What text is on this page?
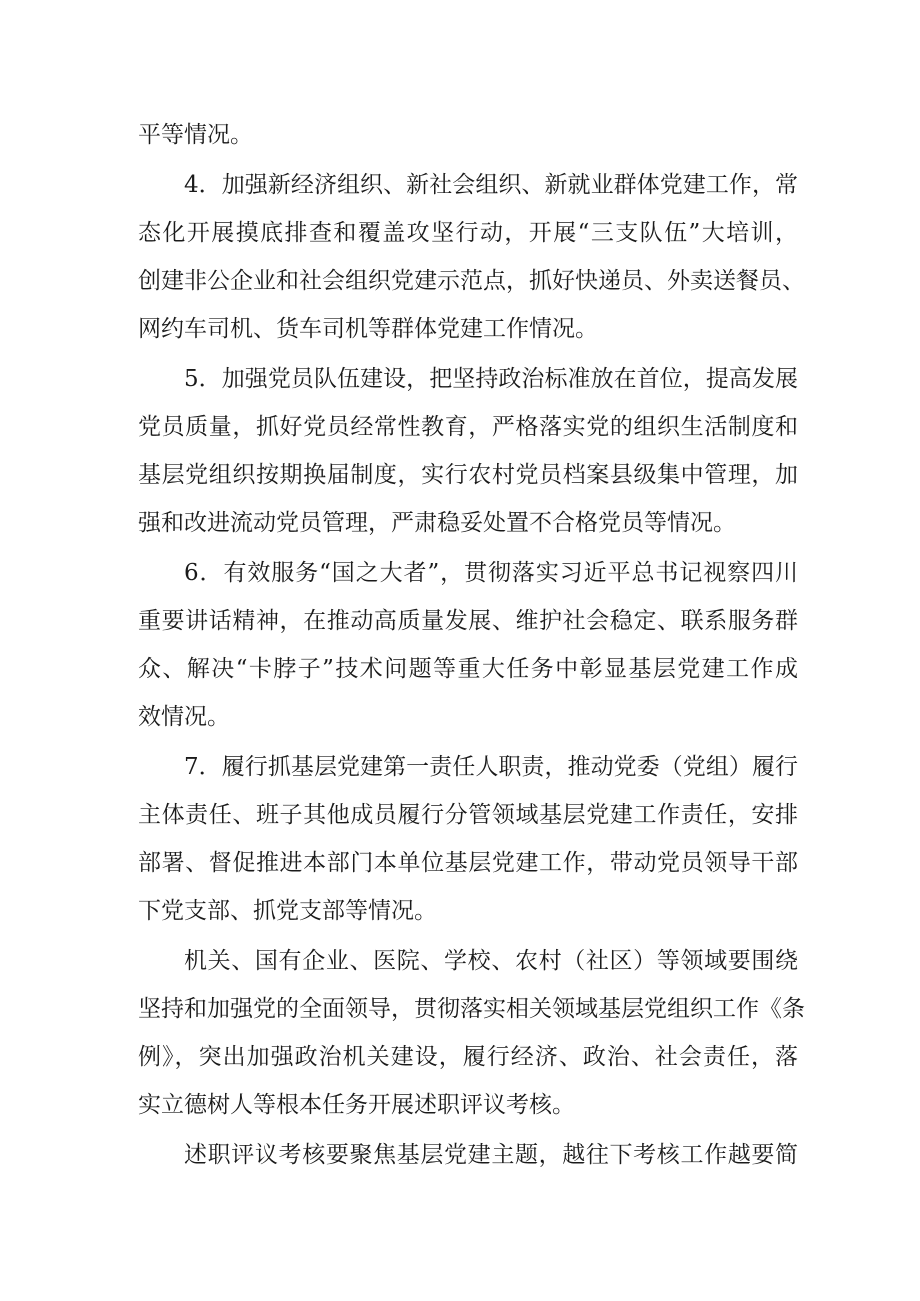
平等情况。
4．加强新经济组织、新社会组织、新就业群体党建工作，常
态化开展摸底排查和覆盖攻坚行动，开展“三支队伍”大培训，
创建非公企业和社会组织党建示范点，抓好快递员、外卖送餐员、
网约车司机、货车司机等群体党建工作情况。
5．加强党员队伍建设，把坚持政治标准放在首位，提高发展
党员质量，抓好党员经常性教育，严格落实党的组织生活制度和
基层党组织按期换届制度，实行农村党员档案县级集中管理，加
强和改进流动党员管理，严肃稳妥处置不合格党员等情况。
6．有效服务“国之大者”，贯彻落实习近平总书记视察四川
重要讲话精神，在推动高质量发展、维护社会稳定、联系服务群
众、解决“卡脖子”技术问题等重大任务中彰显基层党建工作成
效情况。
7．履行抓基层党建第一责任人职责，推动党委（党组）履行
主体责任、班子其他成员履行分管领域基层党建工作责任，安排
部署、督促推进本部门本单位基层党建工作，带动党员领导干部
下党支部、抓党支部等情况。
机关、国有企业、医院、学校、农村（社区）等领域要围绕
坚持和加强党的全面领导，贯彻落实相关领域基层党组织工作《条
例》，突出加强政治机关建设，履行经济、政治、社会责任，落
实立德树人等根本任务开展述职评议考核。
述职评议考核要聚焦基层党建主题，越往下考核工作越要简
